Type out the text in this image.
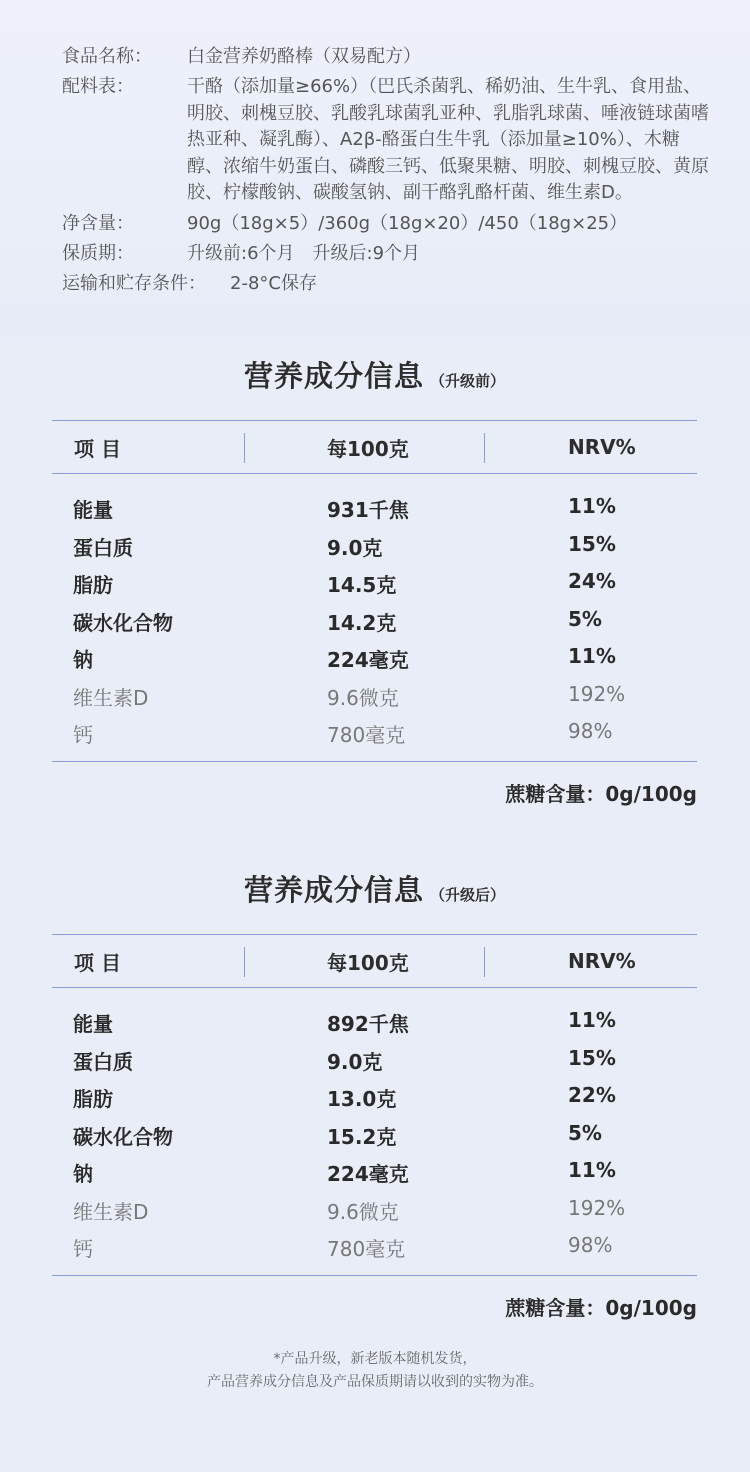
食品名称：	白金营养奶酪棒（双易配方）
配料表：	干酪（添加量≥66%）（巴氏杀菌乳、稀奶油、生牛乳、食用盐、明胶、刺槐豆胶、乳酸乳球菌乳亚种、乳脂乳球菌、唾液链球菌嗜热亚种、凝乳酶）、A2β-酪蛋白生牛乳（添加量≥10%）、木糖醇、浓缩牛奶蛋白、磷酸三钙、低聚果糖、明胶、刺槐豆胶、黄原胶、柠檬酸钠、碳酸氢钠、副干酪乳酪杆菌、维生素D。
净含量：	90g（18g×5）/360g（18g×20）/450（18g×25）
保质期：	升级前:6个月　升级后:9个月
运输和贮存条件： 2-8°C保存
营养成分信息 （升级前）
项 目	每100克	NRV%
能量	931千焦	11%
蛋白质	9.0克	15%
脂肪	14.5克	24%
碳水化合物	14.2克	5%
钠	224毫克	11%
维生素D	9.6微克	192%
钙	780毫克	98%
蔗糖含量：0g/100g
营养成分信息 （升级后）
项 目	每100克	NRV%
能量	892千焦	11%
蛋白质	9.0克	15%
脂肪	13.0克	22%
碳水化合物	15.2克	5%
钠	224毫克	11%
维生素D	9.6微克	192%
钙	780毫克	98%
蔗糖含量：0g/100g
*产品升级，新老版本随机发货，
产品营养成分信息及产品保质期请以收到的实物为准。
